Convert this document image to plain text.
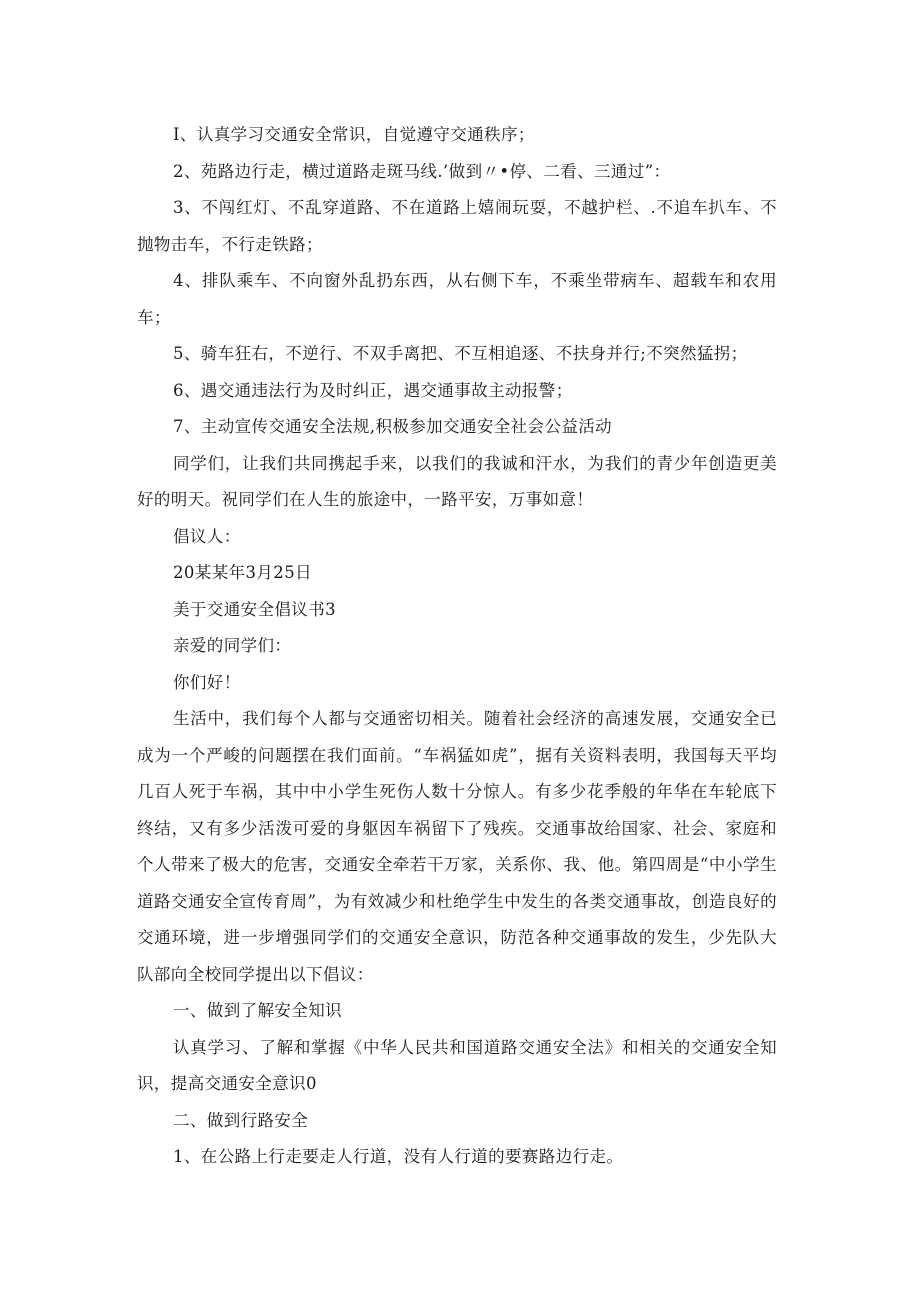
I、认真学习交通安全常识，自觉遵守交通秩序；

2、苑路边行走，横过道路走斑马线.’做到〃•停、二看、三通过”：

3、不闯红灯、不乱穿道路、不在道路上嬉闹玩耍，不越护栏、.不追车扒车、不抛物击车，不行走铁路；

4、排队乘车、不向窗外乱扔东西，从右侧下车，不乘坐带病车、超载车和农用车；

5、骑车狂右，不逆行、不双手离把、不互相追逐、不扶身并行;不突然猛拐；

6、遇交通违法行为及时纠正，遇交通事故主动报警；

7、主动宣传交通安全法规,积极参加交通安全社会公益活动

同学们，让我们共同携起手来，以我们的我诚和汗水，为我们的青少年创造更美好的明天。祝同学们在人生的旅途中，一路平安，万事如意！

倡议人：

20某某年3月25日

美于交通安全倡议书3

亲爱的同学们：

你们好！

生活中，我们每个人都与交通密切相关。随着社会经济的高速发展，交通安全已成为一个严峻的问题摆在我们面前。“车祸猛如虎”，据有关资料表明，我国每天平均几百人死于车祸，其中中小学生死伤人数十分惊人。有多少花季般的年华在车轮底下终结，又有多少活泼可爱的身躯因车祸留下了残疾。交通事故给国家、社会、家庭和个人带来了极大的危害，交通安全牵若干万家，关系你、我、他。第四周是“中小学生道路交通安全宣传育周”，为有效减少和杜绝学生中发生的各类交通事故，创造良好的交通环境，进一步增强同学们的交通安全意识，防范各种交通事故的发生，少先队大队部向全校同学提出以下倡议：

一、做到了解安全知识

认真学习、了解和掌握《中华人民共和国道路交通安全法》和相关的交通安全知识，提高交通安全意识0

二、做到行路安全

1、在公路上行走要走人行道，没有人行道的要赛路边行走。
